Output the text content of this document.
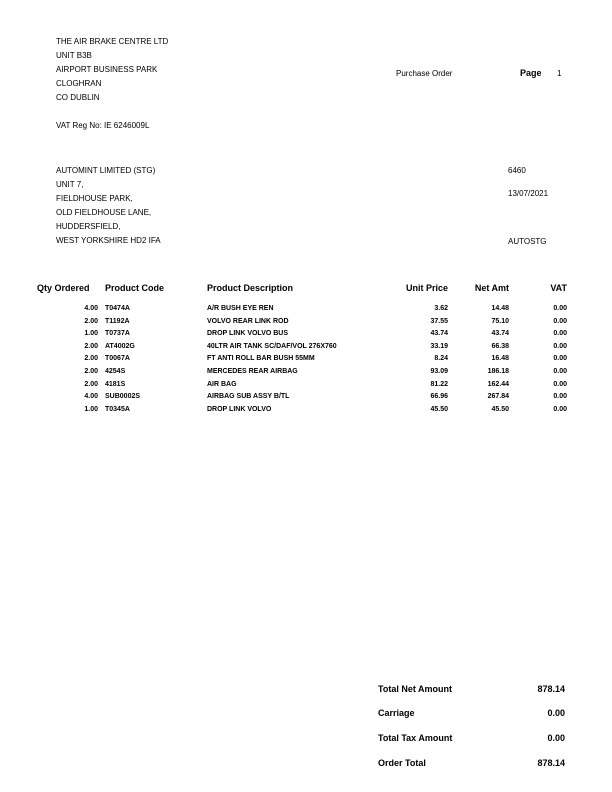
THE AIR BRAKE CENTRE LTD
UNIT B3B
AIRPORT BUSINESS PARK
CLOGHRAN
CO DUBLIN
VAT Reg No: IE 6246009L
Purchase Order	Page 1
AUTOMINT LIMITED (STG)
UNIT 7,
FIELDHOUSE PARK,
OLD FIELDHOUSE LANE,
HUDDERSFIELD,
WEST YORKSHIRE HD2 IFA
6460
13/07/2021
AUTOSTG
Qty Ordered Product Code	Product Description	Unit Price	Net Amt	VAT
4.00 T0474A	A/R BUSH EYE REN	3.62	14.48	0.00
2.00 T1192A	VOLVO REAR LINK ROD	37.55	75.10	0.00
1.00 T0737A	DROP LINK VOLVO BUS	43.74	43.74	0.00
2.00 AT4002G	40LTR AIR TANK SC/DAF/VOL 276X760	33.19	66.38	0.00
2.00 T0067A	FT ANTI ROLL BAR BUSH 55MM	8.24	16.48	0.00
2.00 4254S	MERCEDES REAR AIRBAG	93.09	186.18	0.00
2.00 4181S	AIR BAG	81.22	162.44	0.00
4.00 SUB0002S	AIRBAG SUB ASSY B/TL	66.96	267.84	0.00
1.00 T0345A	DROP LINK VOLVO	45.50	45.50	0.00
Total Net Amount	878.14
Carriage	0.00
Total Tax Amount	0.00
Order Total	878.14
